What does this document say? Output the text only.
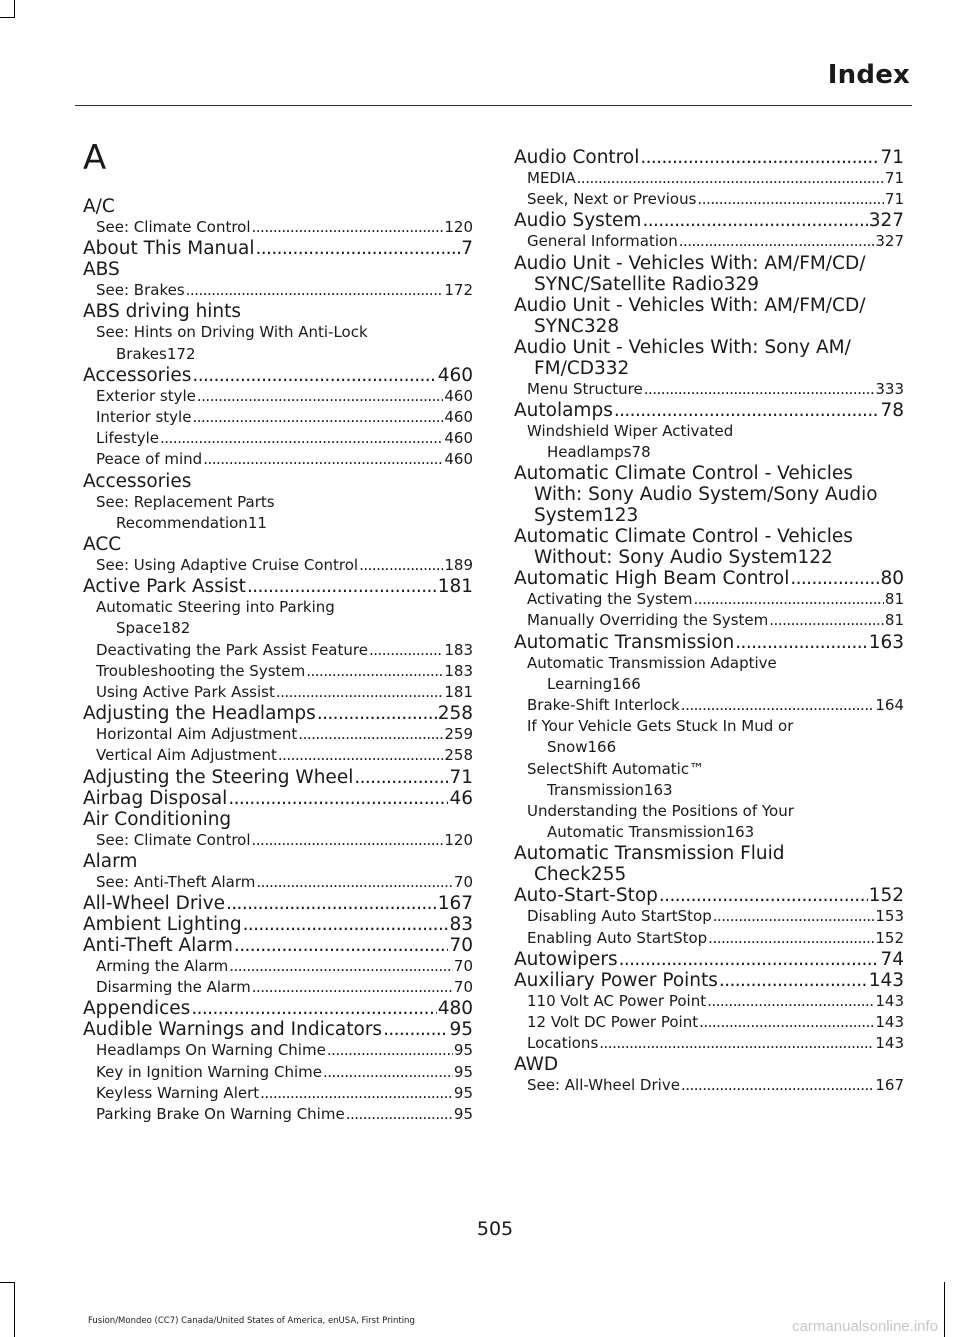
Index
A
A/C
See: Climate Control .....	120
About This Manual .....	7
ABS
See: Brakes .....	172
ABS driving hints
See: Hints on Driving With Anti-Lock
Brakes 172
Accessories .....	460
Exterior style .....	460
Interior style .....	460
Lifestyle .....	460
Peace of mind .....	460
Accessories
See: Replacement Parts
Recommendation 11
ACC
See: Using Adaptive Cruise Control .....	189
Active Park Assist .....	181
Automatic Steering into Parking
Space 182
Deactivating the Park Assist Feature .....	183
Troubleshooting the System .....	183
Using Active Park Assist .....	181
Adjusting the Headlamps .....	258
Horizontal Aim Adjustment .....	259
Vertical Aim Adjustment .....	258
Adjusting the Steering Wheel .....	71
Airbag Disposal .....	46
Air Conditioning
See: Climate Control .....	120
Alarm
See: Anti-Theft Alarm .....	70
All-Wheel Drive .....	167
Ambient Lighting .....	83
Anti-Theft Alarm .....	70
Arming the Alarm .....	70
Disarming the Alarm .....	70
Appendices .....	480
Audible Warnings and Indicators .....	95
Headlamps On Warning Chime .....	95
Key in Ignition Warning Chime .....	95
Keyless Warning Alert .....	95
Parking Brake On Warning Chime .....	95
Audio Control .....	71
MEDIA .....	71
Seek, Next or Previous .....	71
Audio System .....	327
General Information .....	327
Audio Unit - Vehicles With: AM/FM/CD/
SYNC/Satellite Radio 329
Audio Unit - Vehicles With: AM/FM/CD/
SYNC 328
Audio Unit - Vehicles With: Sony AM/
FM/CD 332
Menu Structure .....	333
Autolamps .....	78
Windshield Wiper Activated
Headlamps 78
Automatic Climate Control - Vehicles
With: Sony Audio System/Sony Audio
System 123
Automatic Climate Control - Vehicles
Without: Sony Audio System 122
Automatic High Beam Control .....	80
Activating the System .....	81
Manually Overriding the System .....	81
Automatic Transmission .....	163
Automatic Transmission Adaptive
Learning 166
Brake-Shift Interlock .....	164
If Your Vehicle Gets Stuck In Mud or
Snow 166
SelectShift Automatic™
Transmission 163
Understanding the Positions of Your
Automatic Transmission 163
Automatic Transmission Fluid
Check 255
Auto-Start-Stop .....	152
Disabling Auto StartStop .....	153
Enabling Auto StartStop .....	152
Autowipers .....	74
Auxiliary Power Points .....	143
110 Volt AC Power Point .....	143
12 Volt DC Power Point .....	143
Locations .....	143
AWD
See: All-Wheel Drive .....	167
505
Fusion/Mondeo (CC7) Canada/United States of America, enUSA, First Printing	carmanualsonline.info
